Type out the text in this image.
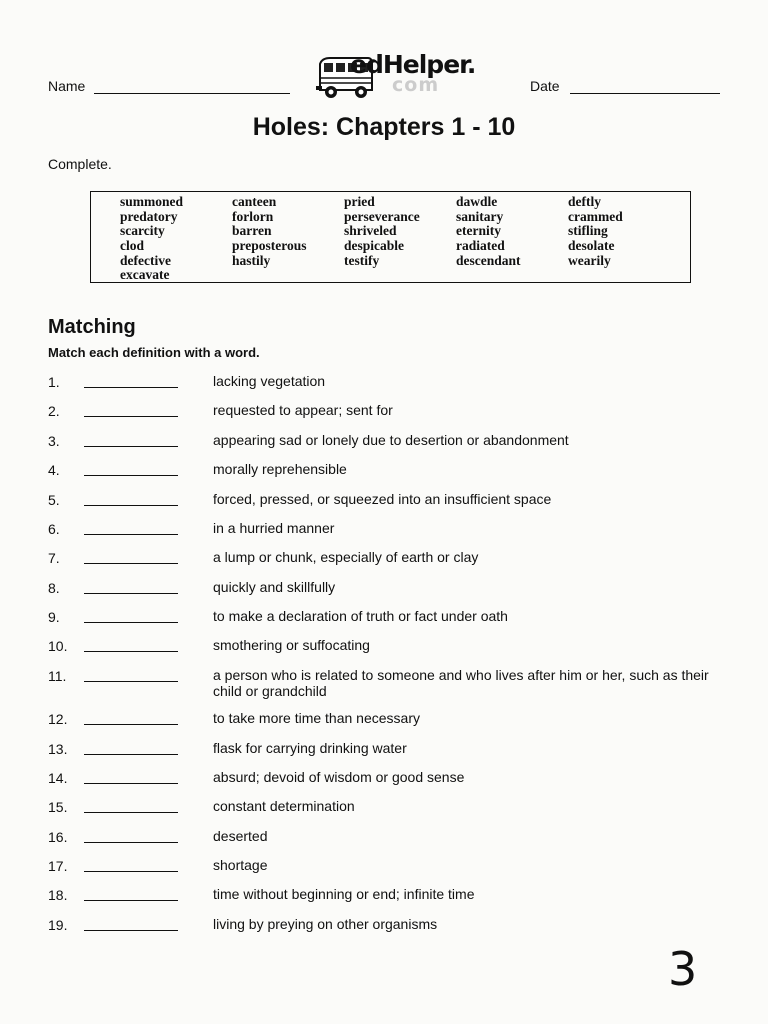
Name
edHelper.
com	Date
Holes: Chapters 1 - 10
Complete.
summoned	canteen	pried	dawdle	deftly
predatory	forlorn	perseverance	sanitary	crammed
scarcity	barren	shriveled	eternity	stifling
clod	preposterous	despicable	radiated	desolate
defective	hastily	testify	descendant	wearily
excavate
Matching
Match each definition with a word.
1.	lacking vegetation
2.	requested to appear; sent for
3.	appearing sad or lonely due to desertion or abandonment
4.	morally reprehensible
5.	forced, pressed, or squeezed into an insufficient space
6.	in a hurried manner
7.	a lump or chunk, especially of earth or clay
8.	quickly and skillfully
9.	to make a declaration of truth or fact under oath
10.	smothering or suffocating
11.	a person who is related to someone and who lives after him or her, such as their child or grandchild
12.	to take more time than necessary
13.	flask for carrying drinking water
14.	absurd; devoid of wisdom or good sense
15.	constant determination
16.	deserted
17.	shortage
18.	time without beginning or end; infinite time
19.	living by preying on other organisms
3
